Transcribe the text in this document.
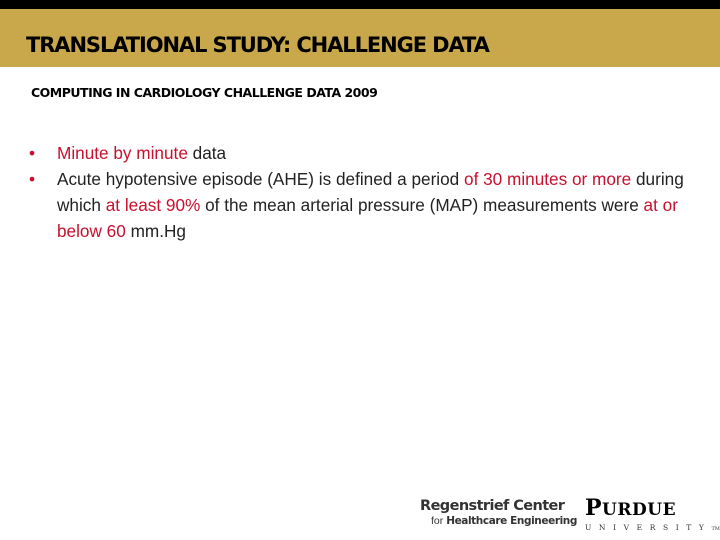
TRANSLATIONAL STUDY: CHALLENGE DATA
COMPUTING IN CARDIOLOGY CHALLENGE DATA 2009
• Minute by minute data
• Acute hypotensive episode (AHE) is defined a period of 30 minutes or more during which at least 90% of the mean arterial pressure (MAP) measurements were at or below 60 mm.Hg
Regenstrief Center
for Healthcare Engineering PURDUE
UNIVERSITYTM
